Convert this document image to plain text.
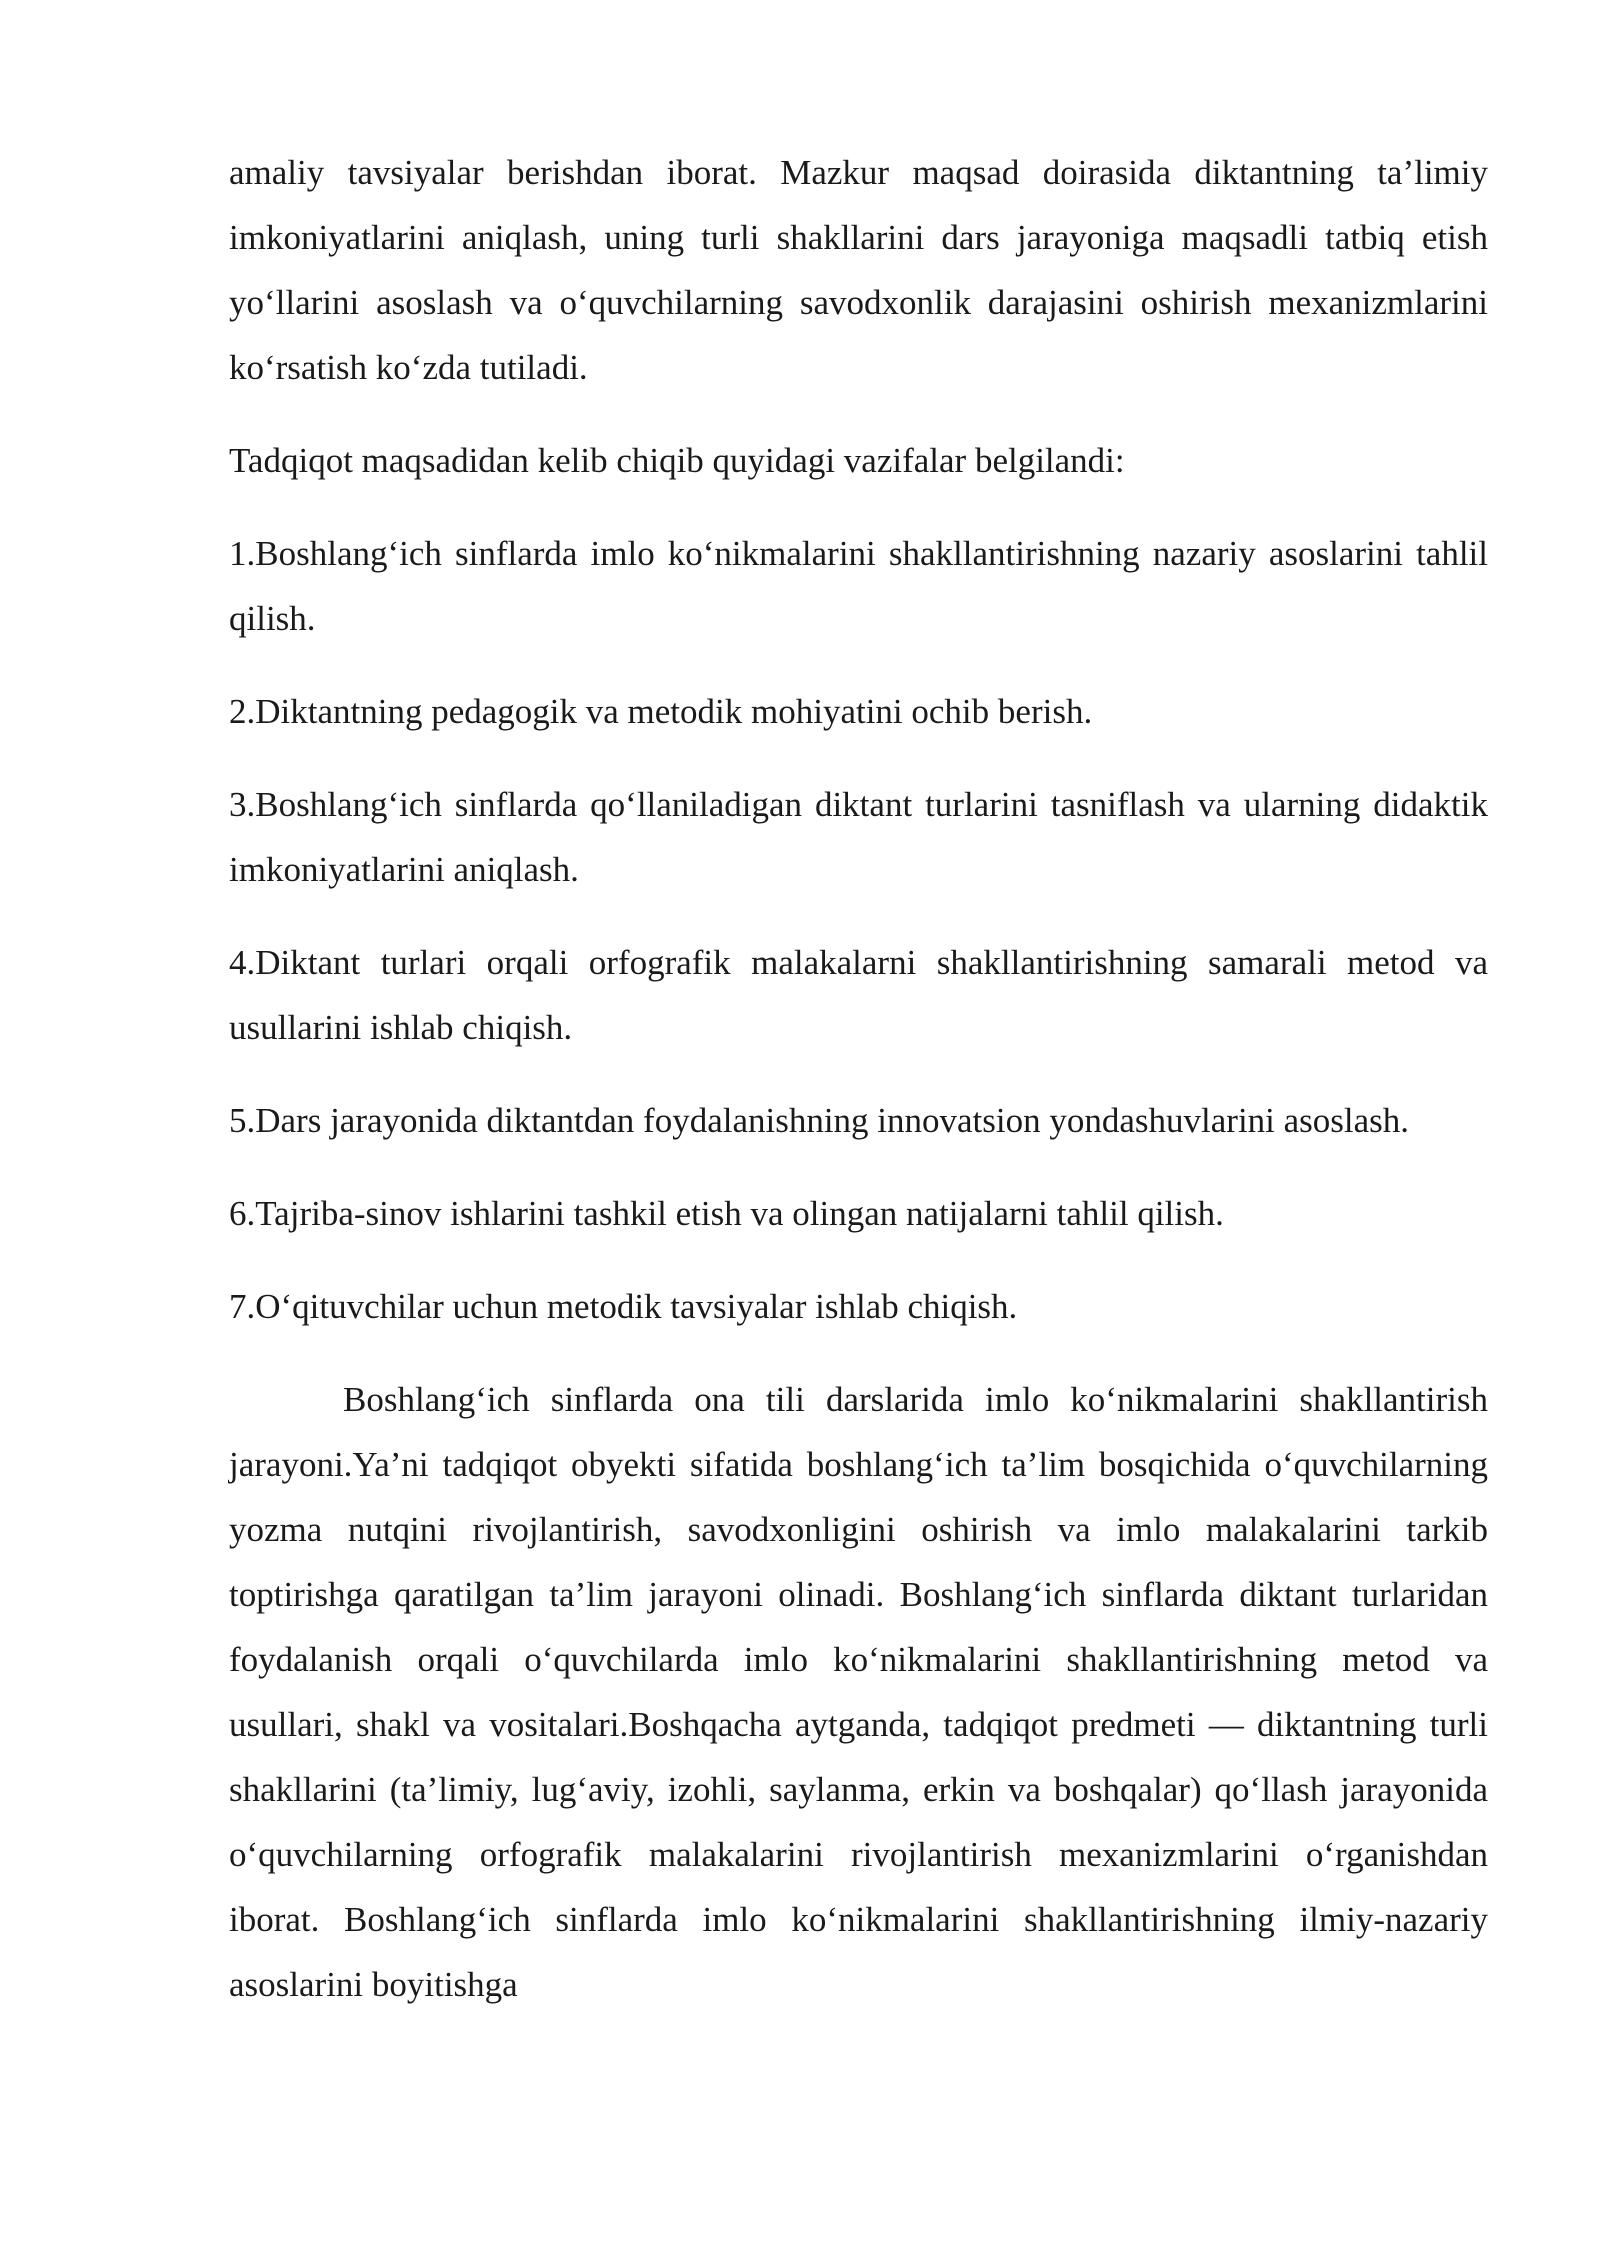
amaliy tavsiyalar berishdan iborat. Mazkur maqsad doirasida diktantning ta’limiy imkoniyatlarini aniqlash, uning turli shakllarini dars jarayoniga maqsadli tatbiq etish yo‘llarini asoslash va o‘quvchilarning savodxonlik darajasini oshirish mexanizmlarini ko‘rsatish ko‘zda tutiladi.

Tadqiqot maqsadidan kelib chiqib quyidagi vazifalar belgilandi:

1.Boshlang‘ich sinflarda imlo ko‘nikmalarini shakllantirishning nazariy asoslarini tahlil qilish.

2.Diktantning pedagogik va metodik mohiyatini ochib berish.

3.Boshlang‘ich sinflarda qo‘llaniladigan diktant turlarini tasniflash va ularning didaktik imkoniyatlarini aniqlash.

4.Diktant turlari orqali orfografik malakalarni shakllantirishning samarali metod va usullarini ishlab chiqish.

5.Dars jarayonida diktantdan foydalanishning innovatsion yondashuvlarini asoslash.

6.Tajriba-sinov ishlarini tashkil etish va olingan natijalarni tahlil qilish.

7.O‘qituvchilar uchun metodik tavsiyalar ishlab chiqish.

Boshlang‘ich sinflarda ona tili darslarida imlo ko‘nikmalarini shakllantirish jarayoni.Ya’ni tadqiqot obyekti sifatida boshlang‘ich ta’lim bosqichida o‘quvchilarning yozma nutqini rivojlantirish, savodxonligini oshirish va imlo malakalarini tarkib toptirishga qaratilgan ta’lim jarayoni olinadi. Boshlang‘ich sinflarda diktant turlaridan foydalanish orqali o‘quvchilarda imlo ko‘nikmalarini shakllantirishning metod va usullari, shakl va vositalari.Boshqacha aytganda, tadqiqot predmeti — diktantning turli shakllarini (ta’limiy, lug‘aviy, izohli, saylanma, erkin va boshqalar) qo‘llash jarayonida o‘quvchilarning orfografik malakalarini rivojlantirish mexanizmlarini o‘rganishdan iborat. Boshlang‘ich sinflarda imlo ko‘nikmalarini shakllantirishning ilmiy-nazariy asoslarini boyitishga
